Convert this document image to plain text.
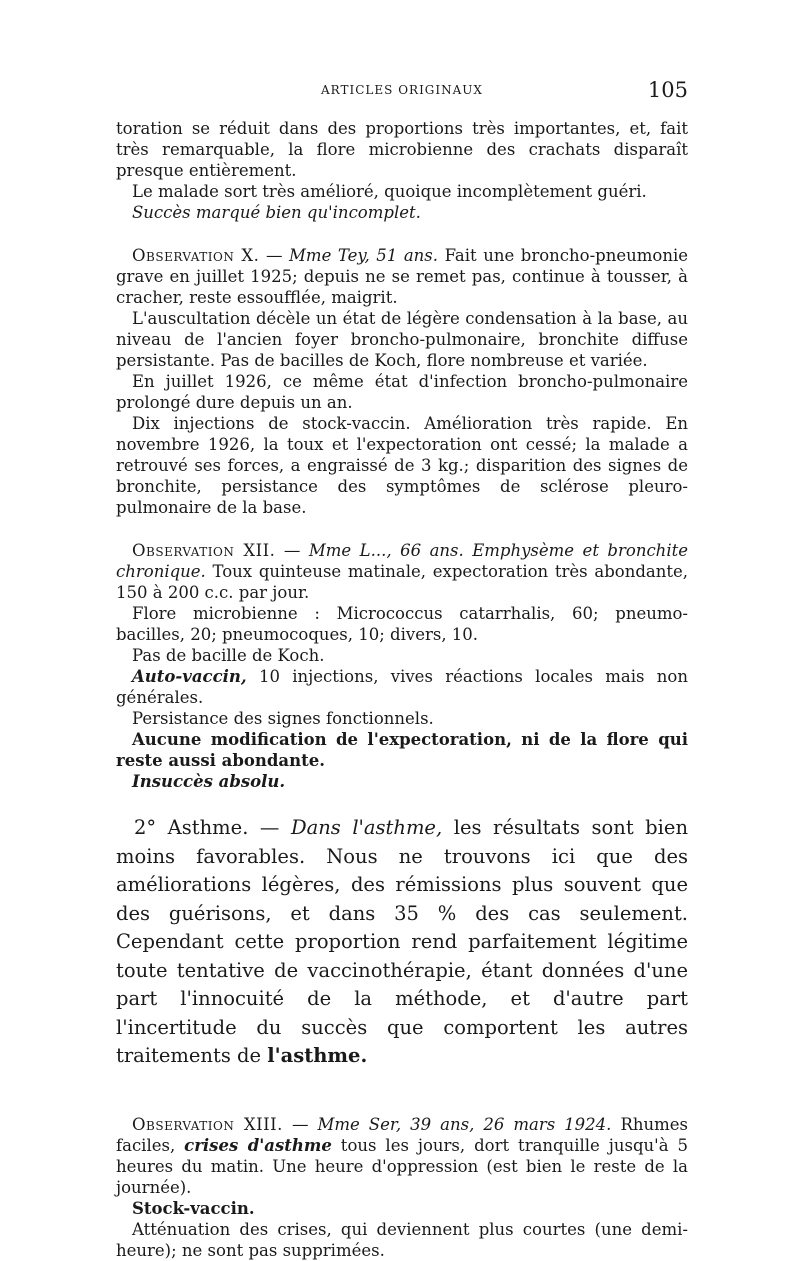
ARTICLES ORIGINAUX	105

toration se réduit dans des proportions très importantes, et, fait très remarquable, la flore microbienne des crachats disparaît presque entièrement.

Le malade sort très amélioré, quoique incomplètement guéri.

Succès marqué bien qu'incomplet.

Observation X. — Mme Tey, 51 ans. Fait une broncho-pneumonie grave en juillet 1925; depuis ne se remet pas, continue à tousser, à cracher, reste essoufflée, maigrit.

L'auscultation décèle un état de légère condensation à la base, au niveau de l'ancien foyer broncho-pulmonaire, bronchite diffuse persistante. Pas de bacilles de Koch, flore nombreuse et variée.

En juillet 1926, ce même état d'infection broncho-pulmonaire prolongé dure depuis un an.

Dix injections de stock-vaccin. Amélioration très rapide. En novembre 1926, la toux et l'expectoration ont cessé; la malade a retrouvé ses forces, a engraissé de 3 kg.; disparition des signes de bronchite, persistance des symptômes de sclérose pleuro-pulmonaire de la base.

Observation XII. — Mme L..., 66 ans. Emphysème et bronchite chronique. Toux quinteuse matinale, expectoration très abondante, 150 à 200 c.c. par jour.

Flore microbienne : Micrococcus catarrhalis, 60; pneumo-bacilles, 20; pneumocoques, 10; divers, 10.

Pas de bacille de Koch.

Auto-vaccin, 10 injections, vives réactions locales mais non générales.

Persistance des signes fonctionnels.

Aucune modification de l'expectoration, ni de la flore qui reste aussi abondante.

Insuccès absolu.

2° Asthme. — Dans l'asthme, les résultats sont bien moins favorables. Nous ne trouvons ici que des améliorations légères, des rémissions plus souvent que des guérisons, et dans 35 % des cas seulement. Cependant cette proportion rend parfaitement légitime toute tentative de vaccinothérapie, étant données d'une part l'innocuité de la méthode, et d'autre part l'incertitude du succès que comportent les autres traitements de l'asthme.

Observation XIII. — Mme Ser, 39 ans, 26 mars 1924. Rhumes faciles, crises d'asthme tous les jours, dort tranquille jusqu'à 5 heures du matin. Une heure d'oppression (est bien le reste de la journée).

Stock-vaccin.

Atténuation des crises, qui deviennent plus courtes (une demi-heure); ne sont pas supprimées.
